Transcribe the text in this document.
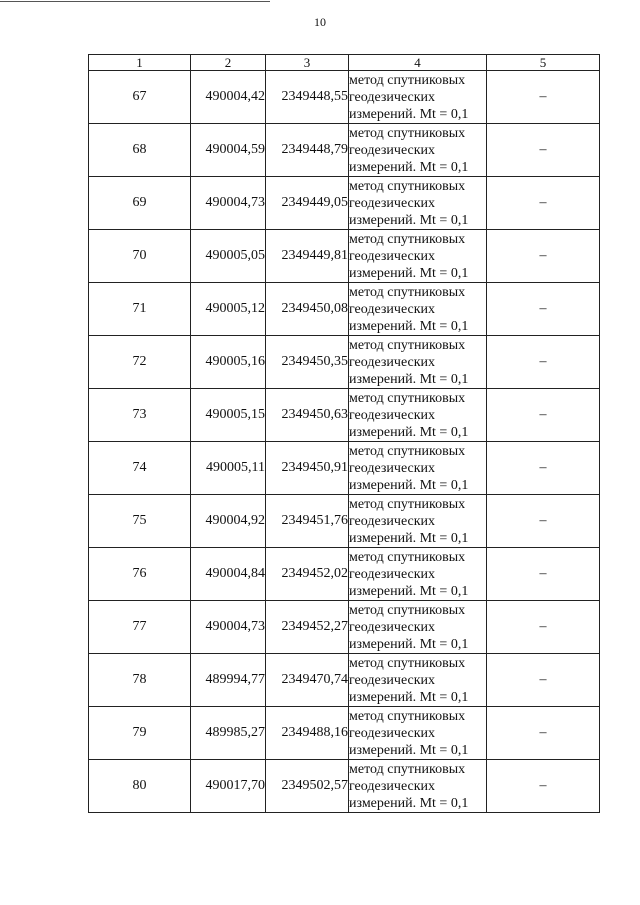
10
1	2	3	4	5
67	490004,42	2349448,55	метод спутниковых
геодезических
измерений. Mt = 0,1	–
68	490004,59	2349448,79	метод спутниковых
геодезических
измерений. Mt = 0,1	–
69	490004,73	2349449,05	метод спутниковых
геодезических
измерений. Mt = 0,1	–
70	490005,05	2349449,81	метод спутниковых
геодезических
измерений. Mt = 0,1	–
71	490005,12	2349450,08	метод спутниковых
геодезических
измерений. Mt = 0,1	–
72	490005,16	2349450,35	метод спутниковых
геодезических
измерений. Mt = 0,1	–
73	490005,15	2349450,63	метод спутниковых
геодезических
измерений. Mt = 0,1	–
74	490005,11	2349450,91	метод спутниковых
геодезических
измерений. Mt = 0,1	–
75	490004,92	2349451,76	метод спутниковых
геодезических
измерений. Mt = 0,1	–
76	490004,84	2349452,02	метод спутниковых
геодезических
измерений. Mt = 0,1	–
77	490004,73	2349452,27	метод спутниковых
геодезических
измерений. Mt = 0,1	–
78	489994,77	2349470,74	метод спутниковых
геодезических
измерений. Mt = 0,1	–
79	489985,27	2349488,16	метод спутниковых
геодезических
измерений. Mt = 0,1	–
80	490017,70	2349502,57	метод спутниковых
геодезических
измерений. Mt = 0,1	–
